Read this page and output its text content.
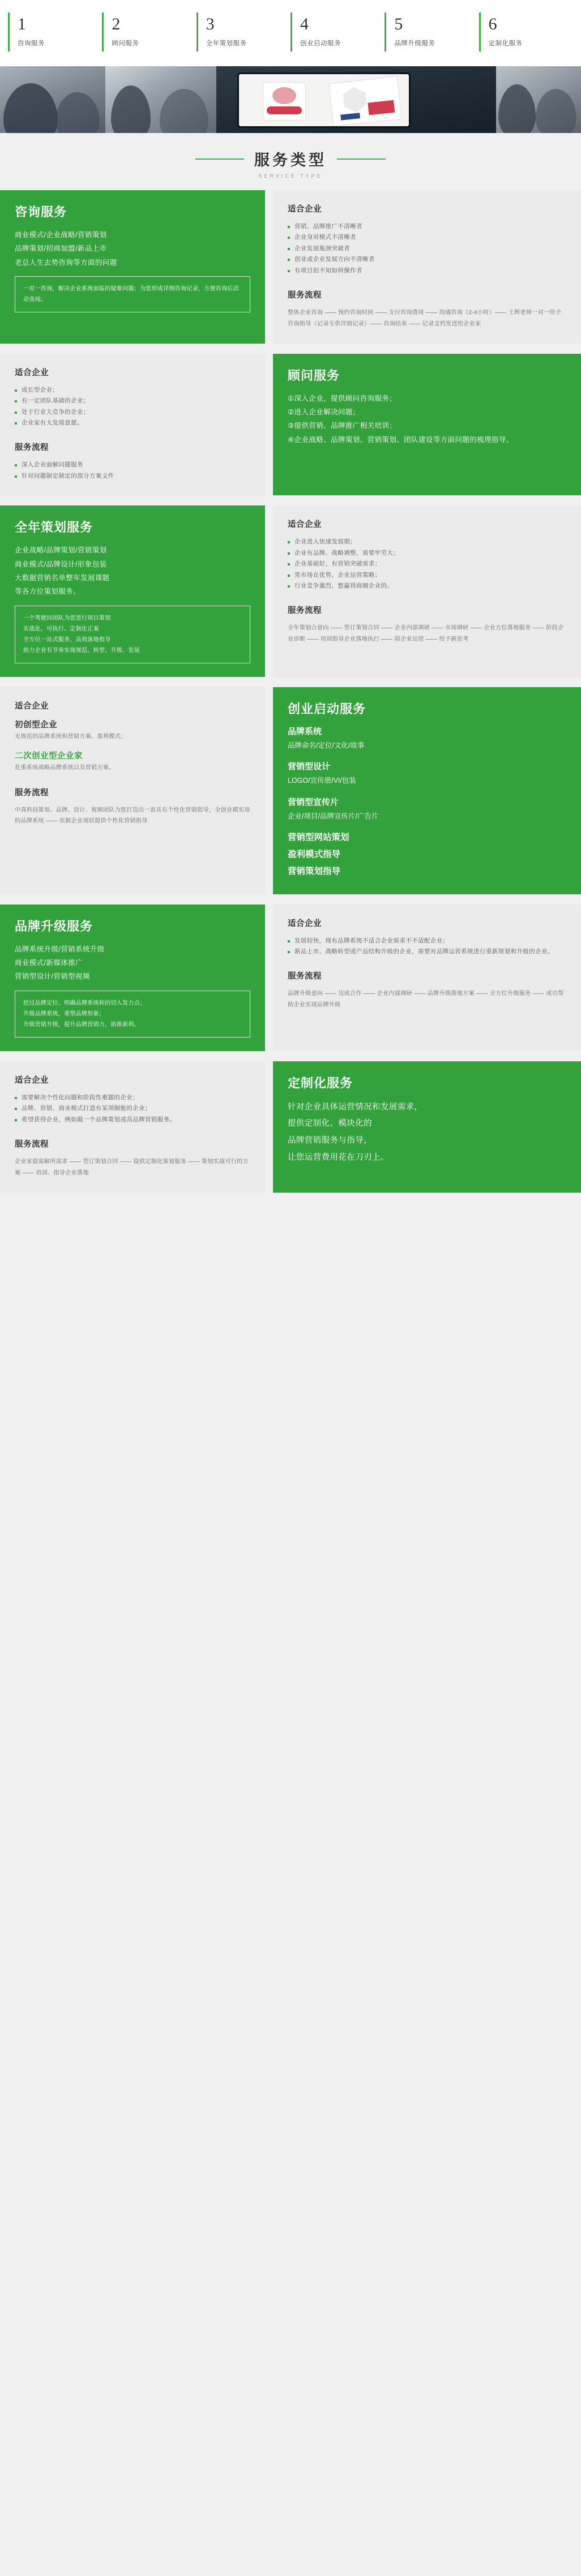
1
咨询服务
2
顾问服务
3
全年策划服务
4
创业启动服务
5
品牌升级服务
6
定制化服务
服务类型
SERVICE TYPE
咨询服务
商业模式/企业战略/营销策划
品牌策划/招商加盟/新品上市
老总人生去势咨询等方面的问题
一对一咨询，解决企业系统面临的疑难问题；为您形成详细咨询记录，方便咨询后活动查阅。
适合企业
营销、品牌推广不清晰者
企业身对模式不清晰者
企业发展瓶颈突破者
创业或企业发展方向不清晰者
有项目但不知如何操作者
服务流程
整体企业咨询 —— 预约咨询时间 —— 支付咨询费用 —— 沟通咨询（2-4小时）—— 王辉老师一对一给予咨询指导（记录专供详细记录）—— 咨询结束 —— 记录文档发送给企业家
适合企业
成长型企业；
有一定团队基础的企业；
处于行业大竞争的企业；
企业家有大发展意愿。
服务流程
深入企业面解问题服务
针对问题制定制定的部分方案文件
顾问服务
①深入企业，提供顾问咨询服务；
②进入企业解决问题；
③提供营销、品牌推广相关培训；
④企业战略、品牌策划、营销策划、团队建设等方面问题的梳理指导。
全年策划服务
企业战略/品牌策划/营销策划
商业模式/品牌设计/形象包装
大数据营销名单整年发展课题
等各方位策划服务。
一个驾驶回团队为您进行项目策划
实战化、可执行、定制化正案
全方位一站式服务，高效落地指导
助力企业有节奏实现规范、转型、升级、发展
适合企业
企业进入快速发展期；
企业有品牌、战略调整，需要牢劳大；
企业基础好，有营销突破需求；
常市场在优势，企业运营策略；
行业竞争激烈，想赢得商圈企业的。
服务流程
全年策划合意向 —— 签订策划合同 —— 企业内部调研 —— 市场调研 —— 企业方位落地服务 —— 阶段企业诊断 —— 培训指导企业落地执行 —— 陪企业运营 —— 给予新思考
适合企业
初创型企业
无规范的品牌系统和营销方案、盈利模式；
二次创业型企业家
危重系统战略品牌系统以及营销方案。
服务流程
中真科技策划、品牌、设计、视频团队为您打造出一套具有个性化营销指导，全创业模实用的品牌系统 —— 依据企业现状提供个性化营销指导
创业启动服务
品牌系统
品牌命名/定位/文化/故事
营销型设计
LOGO/宣传册/VI/包装
营销型宣传片
企业/项目/品牌宣传片/广告片
营销型网站策划
盈利模式指导
营销策划指导
品牌升级服务
品牌系统升级/营销系统升级
商业模式/新媒体推广
营销型设计/营销型视频
挖过品牌定位、明确品牌系统和的切入发力点；
升级品牌系统，重塑品牌形象；
升级营销升级，提升品牌营销力，助推新利。
适合企业
发展较快，现有品牌系统不适合企业需求不不适配企业；
新品上市、战略转型或产品结构升级的企业，需要对品牌运营系统进行重新规划和升级的企业。
服务流程
品牌升级意向 —— 达成合作 —— 企业内部调研 —— 品牌升级落地方案 —— 全方位升级服务 —— 成功帮助企业实现品牌升级
适合企业
需要解决个性化问题和阶段性难题的企业；
品牌、营销、商业模式打造有某项制能的企业；
希望获得企业，例如做一个品牌策划或高品牌营销服务。
服务流程
企业家提需解所需求 —— 签订策划合同 —— 提供定制化策划服务 —— 策划实战可行的方案 —— 培训、指导企业落地
定制化服务
针对企业具体运营情况和发展需求，
提供定制化、模块化的
品牌营销服务与指导，
让您运营费用花在刀刃上。
